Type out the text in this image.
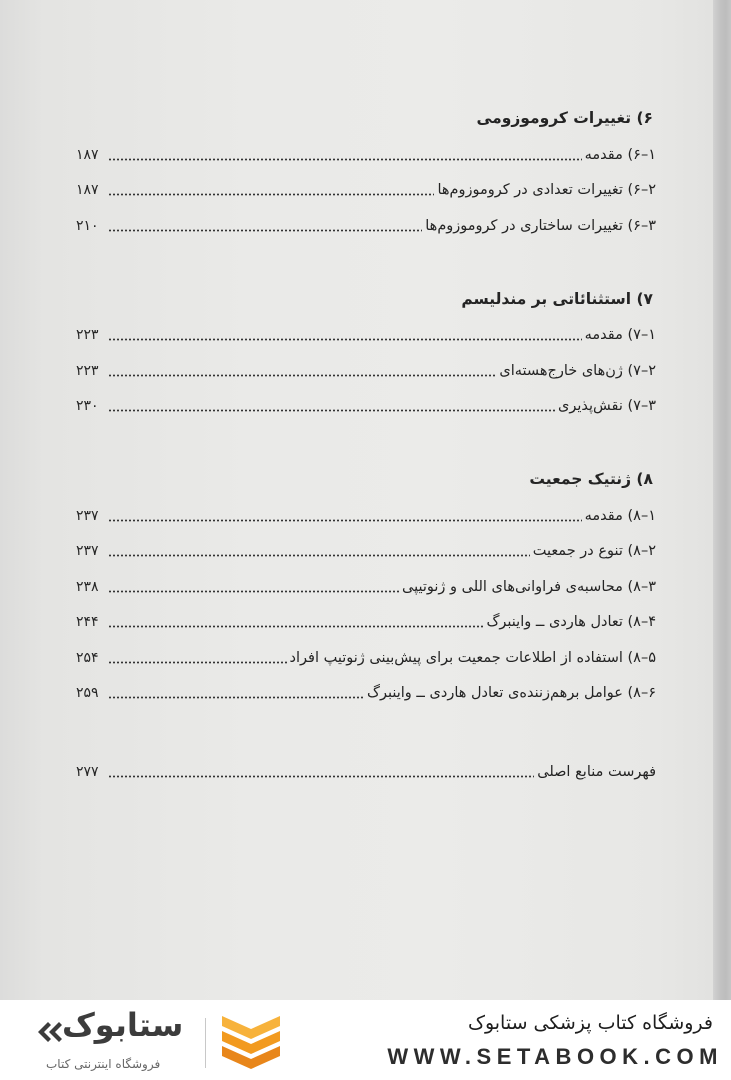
۶) تغییرات کروموزومی
۱–۶) مقدمه
۱۸۷
۲–۶) تغییرات تعدادی در کروموزوم‌ها
۱۸۷
۳–۶) تغییرات ساختاری در کروموزوم‌ها
۲۱۰
۷) استثنائاتی بر مندلیسم
۱–۷) مقدمه
۲۲۳
۲–۷) ژن‌های خارج‌هسته‌ای
۲۲۳
۳–۷) نقش‌پذیری
۲۳۰
۸) ژنتیک جمعیت
۱–۸) مقدمه
۲۳۷
۲–۸) تنوع در جمعیت
۲۳۷
۳–۸) محاسبه‌ی فراوانی‌های اللی و ژنوتیپی
۲۳۸
۴–۸) تعادل هاردی ــ واینبرگ
۲۴۴
۵–۸) استفاده از اطلاعات جمعیت برای پیش‌بینی ژنوتیپ افراد
۲۵۴
۶–۸) عوامل برهم‌زننده‌ی تعادل هاردی ــ واینبرگ
۲۵۹
فهرست منابع اصلی
۲۷۷
ستابوک
فروشگاه اینترنتی کتاب
فروشگاه کتاب پزشکی ستابوک
WWW.SETABOOK.COM
